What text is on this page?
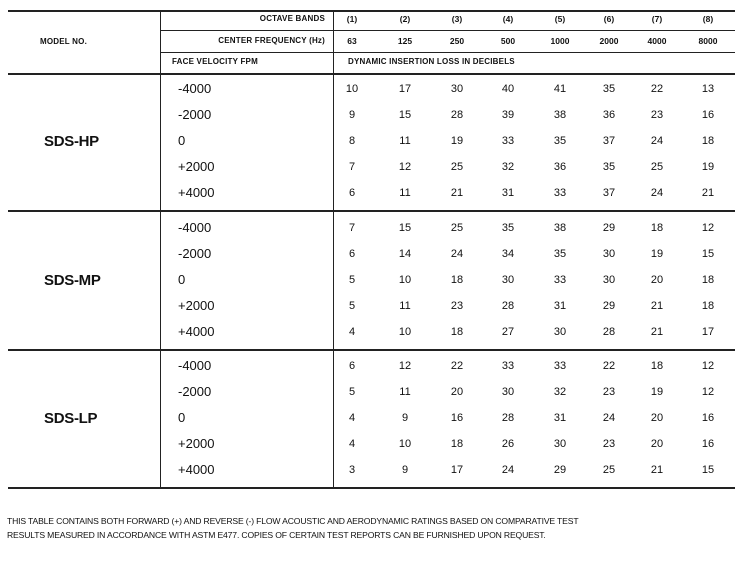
MODEL NO.
OCTAVE BANDS
CENTER FREQUENCY (Hz)
FACE VELOCITY FPM	DYNAMIC INSERTION LOSS IN DECIBELS
(1)	(2)	(3)	(4)	(5)	(6)	(7)	(8)
63	125	250	500	1000	2000	4000	8000
SDS-HP
-4000	10	17	30	40	41	35	22	13
-2000	9	15	28	39	38	36	23	16
0	8	11	19	33	35	37	24	18
+2000	7	12	25	32	36	35	25	19
+4000	6	11	21	31	33	37	24	21
SDS-MP
-4000	7	15	25	35	38	29	18	12
-2000	6	14	24	34	35	30	19	15
0	5	10	18	30	33	30	20	18
+2000	5	11	23	28	31	29	21	18
+4000	4	10	18	27	30	28	21	17
SDS-LP
-4000	6	12	22	33	33	22	18	12
-2000	5	11	20	30	32	23	19	12
0	4	9	16	28	31	24	20	16
+2000	4	10	18	26	30	23	20	16
+4000	3	9	17	24	29	25	21	15
THIS TABLE CONTAINS BOTH FORWARD (+) AND REVERSE (-) FLOW ACOUSTIC AND AERODYNAMIC RATINGS BASED ON COMPARATIVE TEST
RESULTS MEASURED IN ACCORDANCE WITH ASTM E477. COPIES OF CERTAIN TEST REPORTS CAN BE FURNISHED UPON REQUEST.
